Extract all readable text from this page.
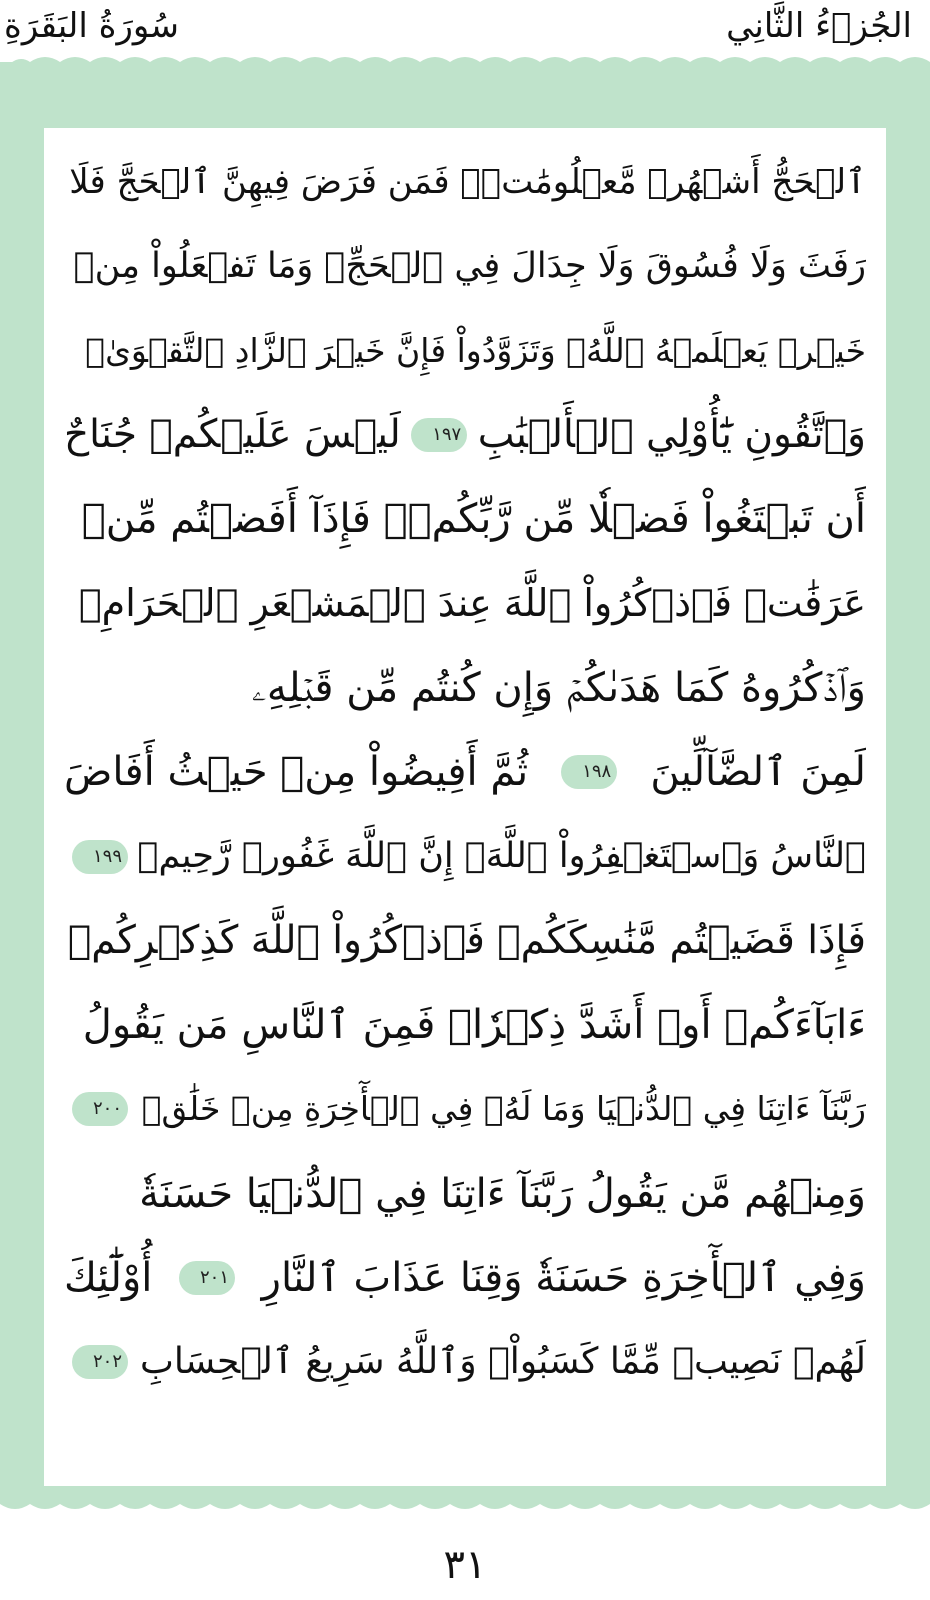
الجُزۡءُ الثَّانِي
سُورَةُ البَقَرَةِ
ٱلۡحَجُّ أَشۡهُرٞ مَّعۡلُومَٰتٞۚ فَمَن فَرَضَ فِيهِنَّ ٱلۡحَجَّ فَلَا
رَفَثَ وَلَا فُسُوقَ وَلَا جِدَالَ فِي ٱلۡحَجِّۗ وَمَا تَفۡعَلُواْ مِنۡ
خَيۡرٖ يَعۡلَمۡهُ ٱللَّهُۗ وَتَزَوَّدُواْ فَإِنَّ خَيۡرَ ٱلزَّادِ ٱلتَّقۡوَىٰۖ
وَٱتَّقُونِ يَٰٓأُوْلِي ٱلۡأَلۡبَٰبِ
١٩٧
لَيۡسَ عَلَيۡكُمۡ جُنَاحٌ
أَن تَبۡتَغُواْ فَضۡلٗا مِّن رَّبِّكُمۡۚ فَإِذَآ أَفَضۡتُم مِّنۡ
عَرَفَٰتٖ فَٱذۡكُرُواْ ٱللَّهَ عِندَ ٱلۡمَشۡعَرِ ٱلۡحَرَامِۖ
وَٱذۡكُرُوهُ كَمَا هَدَىٰكُمۡ وَإِن كُنتُم مِّن قَبۡلِهِۦ
لَمِنَ ٱلضَّآلِّينَ
١٩٨
ثُمَّ أَفِيضُواْ مِنۡ حَيۡثُ أَفَاضَ
ٱلنَّاسُ وَٱسۡتَغۡفِرُواْ ٱللَّهَۚ إِنَّ ٱللَّهَ غَفُورٞ رَّحِيمٞ
١٩٩
فَإِذَا قَضَيۡتُم مَّنَٰسِكَكُمۡ فَٱذۡكُرُواْ ٱللَّهَ كَذِكۡرِكُمۡ
ءَابَآءَكُمۡ أَوۡ أَشَدَّ ذِكۡرٗاۗ فَمِنَ ٱلنَّاسِ مَن يَقُولُ
رَبَّنَآ ءَاتِنَا فِي ٱلدُّنۡيَا وَمَا لَهُۥ فِي ٱلۡأٓخِرَةِ مِنۡ خَلَٰقٖ
٢٠٠
وَمِنۡهُم مَّن يَقُولُ رَبَّنَآ ءَاتِنَا فِي ٱلدُّنۡيَا حَسَنَةٗ
وَفِي ٱلۡأٓخِرَةِ حَسَنَةٗ وَقِنَا عَذَابَ ٱلنَّارِ
٢٠١
أُوْلَٰٓئِكَ
لَهُمۡ نَصِيبٞ مِّمَّا كَسَبُواْۚ وَٱللَّهُ سَرِيعُ ٱلۡحِسَابِ
٢٠٢
٣١
